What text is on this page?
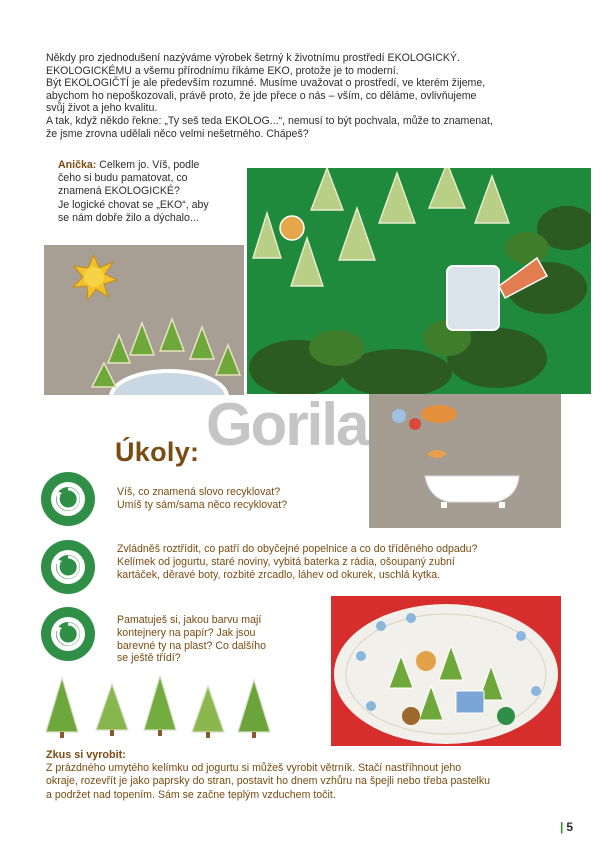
Někdy pro zjednodušení nazýváme výrobek šetrný k životnímu prostředí EKOLOGICKÝ.

EKOLOGICKÉMU a všemu přírodnímu říkáme EKO, protože je to moderní.

Být EKOLOGIČTÍ je ale především rozumné. Musíme uvažovat o prostředí, ve kterém žijeme,

abychom ho nepoškozovali, právě proto, že jde přece o nás – vším, co děláme, ovlivňujeme

svůj život a jeho kvalitu.

A tak, když někdo řekne: „Ty seš teda EKOLOG...“, nemusí to být pochvala, může to znamenat,

že jsme zrovna udělali něco velmi nešetrného. Chápeš?

Anička: Celkem jo. Víš, podle
čeho si budu pamatovat, co
znamená EKOLOGICKÉ?
Je logické chovat se „EKO“, aby
se nám dobře žilo a dýchalo...
Úkoly:
Víš, co znamená slovo recyklovat?
Umíš ty sám/sama něco recyklovat?
Zvládněš roztřídit, co patří do obyčejné popelnice a co do tříděného odpadu?
Kelímek od jogurtu, staré noviny, vybitá baterka z rádia, ošoupaný zubní
kartáček, děravé boty, rozbité zrcadlo, láhev od okurek, uschlá kytka.
Pamatuješ si, jakou barvu mají
kontejnery na papír? Jak jsou
barevné ty na plast? Co dalšího
se ještě třídí?
Zkus si vyrobit:
Z prázdného umytého kelímku od jogurtu si můžeš vyrobit větrník. Stačí nastříhnout jeho
okraje, rozevřít je jako paprsky do stran, postavit ho dnem vzhůru na špejli nebo třeba pastelku
a podržet nad topením. Sám se začne teplým vzduchem točit.
Gorila
| 5
